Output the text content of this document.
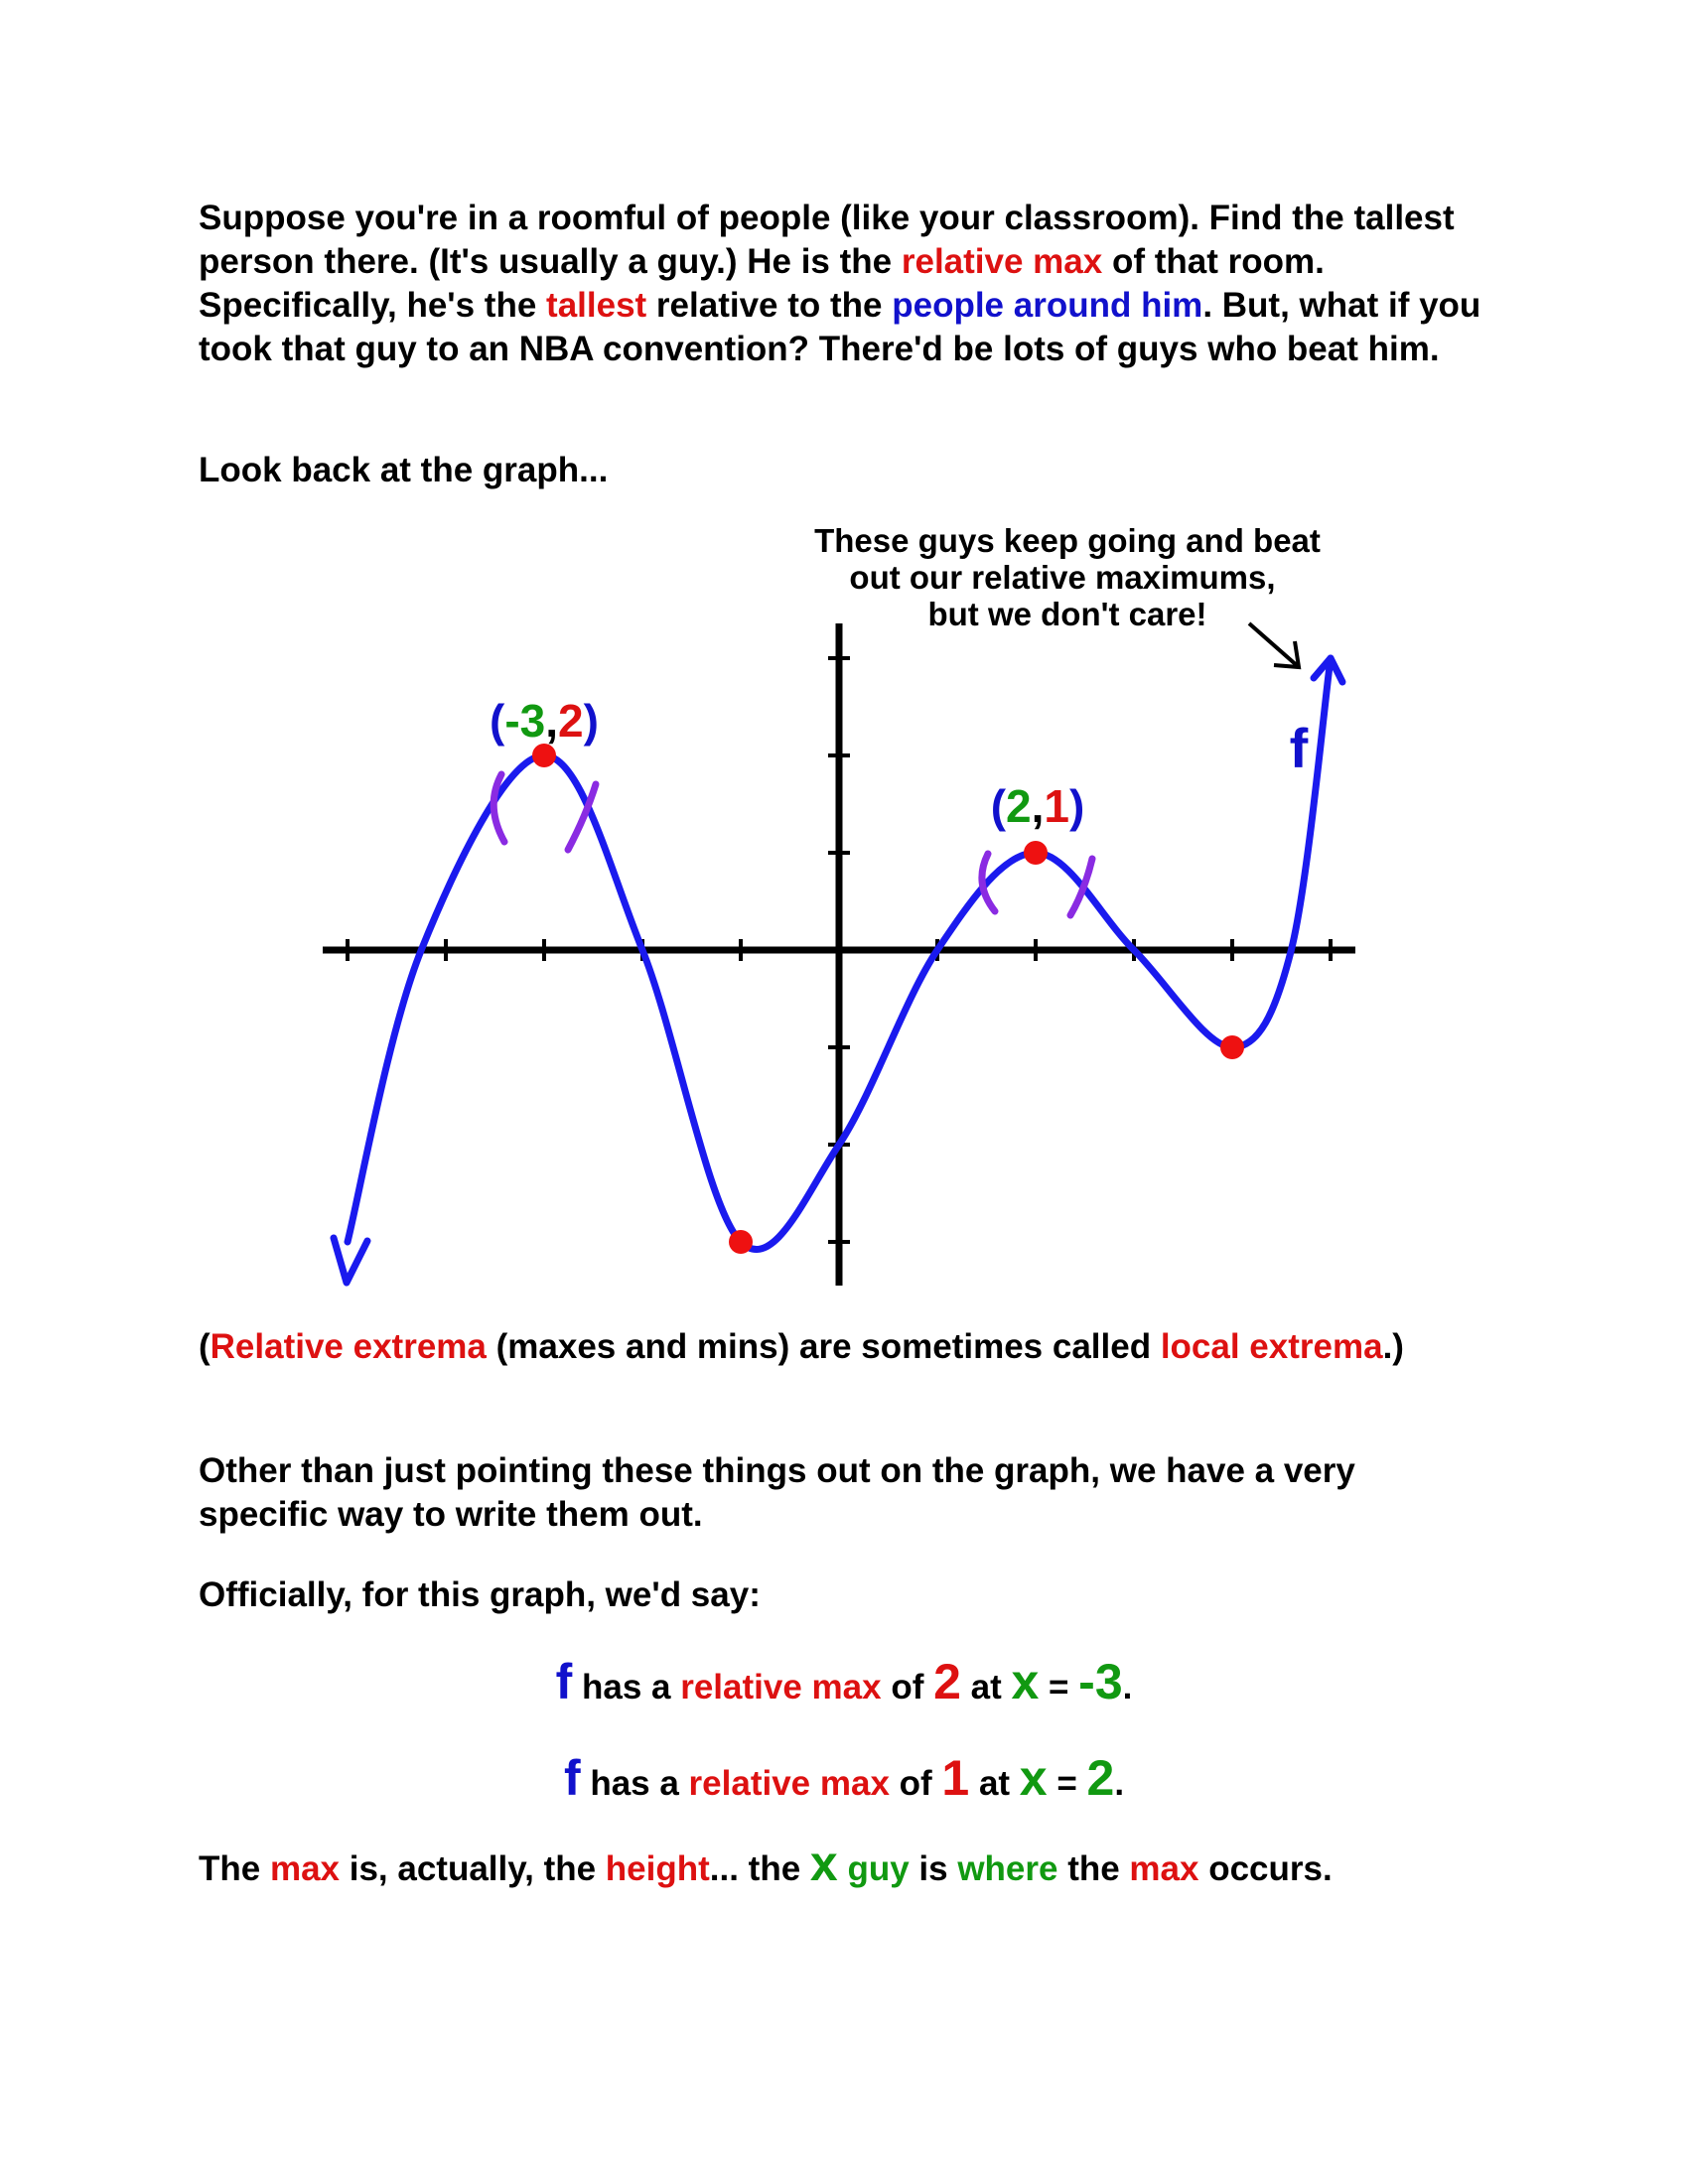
Suppose you're in a roomful of people (like your classroom). Find the tallest person there. (It's usually a guy.) He is the relative max of that room. Specifically, he's the tallest relative to the people around him. But, what if you took that guy to an NBA convention? There'd be lots of guys who beat him.
Look back at the graph...
These guys keep going and beat
out our relative maximums,
but we don't care!
(-3,2)
(2,1)
f
(Relative extrema (maxes and mins) are sometimes called local extrema.)
Other than just pointing these things out on the graph, we have a very specific way to write them out.
Officially, for this graph, we'd say:
f has a relative max of 2 at x = -3.
f has a relative max of 1 at x = 2.
The max is, actually, the height... the x guy is where the max occurs.
